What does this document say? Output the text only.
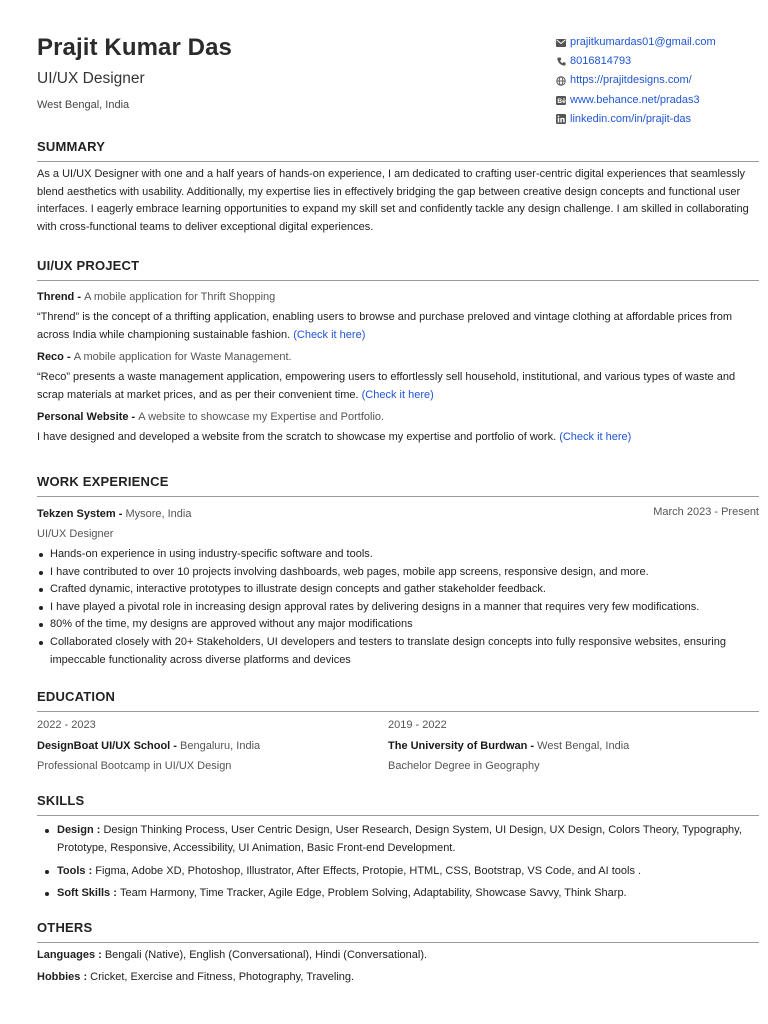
Prajit Kumar Das
UI/UX Designer
West Bengal, India
prajitkumardas01@gmail.com
8016814793
https://prajitdesigns.com/
Bē www.behance.net/pradas3
linkedin.com/in/prajit-das
SUMMARY

As a UI/UX Designer with one and a half years of hands-on experience, I am dedicated to crafting user-centric digital experiences that seamlessly blend aesthetics with usability. Additionally, my expertise lies in effectively bridging the gap between creative design concepts and functional user interfaces. I eagerly embrace learning opportunities to expand my skill set and confidently tackle any design challenge. I am skilled in collaborating with cross-functional teams to deliver exceptional digital experiences.

UI/UX PROJECT
Thrend - A mobile application for Thrift Shopping

“Thrend” is the concept of a thrifting application, enabling users to browse and purchase preloved and vintage clothing at affordable prices from across India while championing sustainable fashion. (Check it here)

Reco - A mobile application for Waste Management.

“Reco” presents a waste management application, empowering users to effortlessly sell household, institutional, and various types of waste and scrap materials at market prices, and as per their convenient time. (Check it here)

Personal Website - A website to showcase my Expertise and Portfolio.

I have designed and developed a website from the scratch to showcase my expertise and portfolio of work. (Check it here)

WORK EXPERIENCE
Tekzen System - Mysore, India	March 2023 - Present
UI/UX Designer
Hands-on experience in using industry-specific software and tools.
I have contributed to over 10 projects involving dashboards, web pages, mobile app screens, responsive design, and more.
Crafted dynamic, interactive prototypes to illustrate design concepts and gather stakeholder feedback.
I have played a pivotal role in increasing design approval rates by delivering designs in a manner that requires very few modifications.
80% of the time, my designs are approved without any major modifications
Collaborated closely with 20+ Stakeholders, UI developers and testers to translate design concepts into fully responsive websites, ensuring impeccable functionality across diverse platforms and devices
EDUCATION
2022 - 2023
DesignBoat UI/UX School - Bengaluru, India
Professional Bootcamp in UI/UX Design
2019 - 2022
The University of Burdwan - West Bengal, India
Bachelor Degree in Geography
SKILLS
Design : Design Thinking Process, User Centric Design, User Research, Design System, UI Design, UX Design, Colors Theory, Typography, Prototype, Responsive, Accessibility, UI Animation, Basic Front-end Development.
Tools : Figma, Adobe XD, Photoshop, Illustrator, After Effects, Protopie, HTML, CSS, Bootstrap, VS Code, and AI tools .
Soft Skills : Team Harmony, Time Tracker, Agile Edge, Problem Solving, Adaptability, Showcase Savvy, Think Sharp.
OTHERS
Languages : Bengali (Native), English (Conversational), Hindi (Conversational).
Hobbies : Cricket, Exercise and Fitness, Photography, Traveling.
